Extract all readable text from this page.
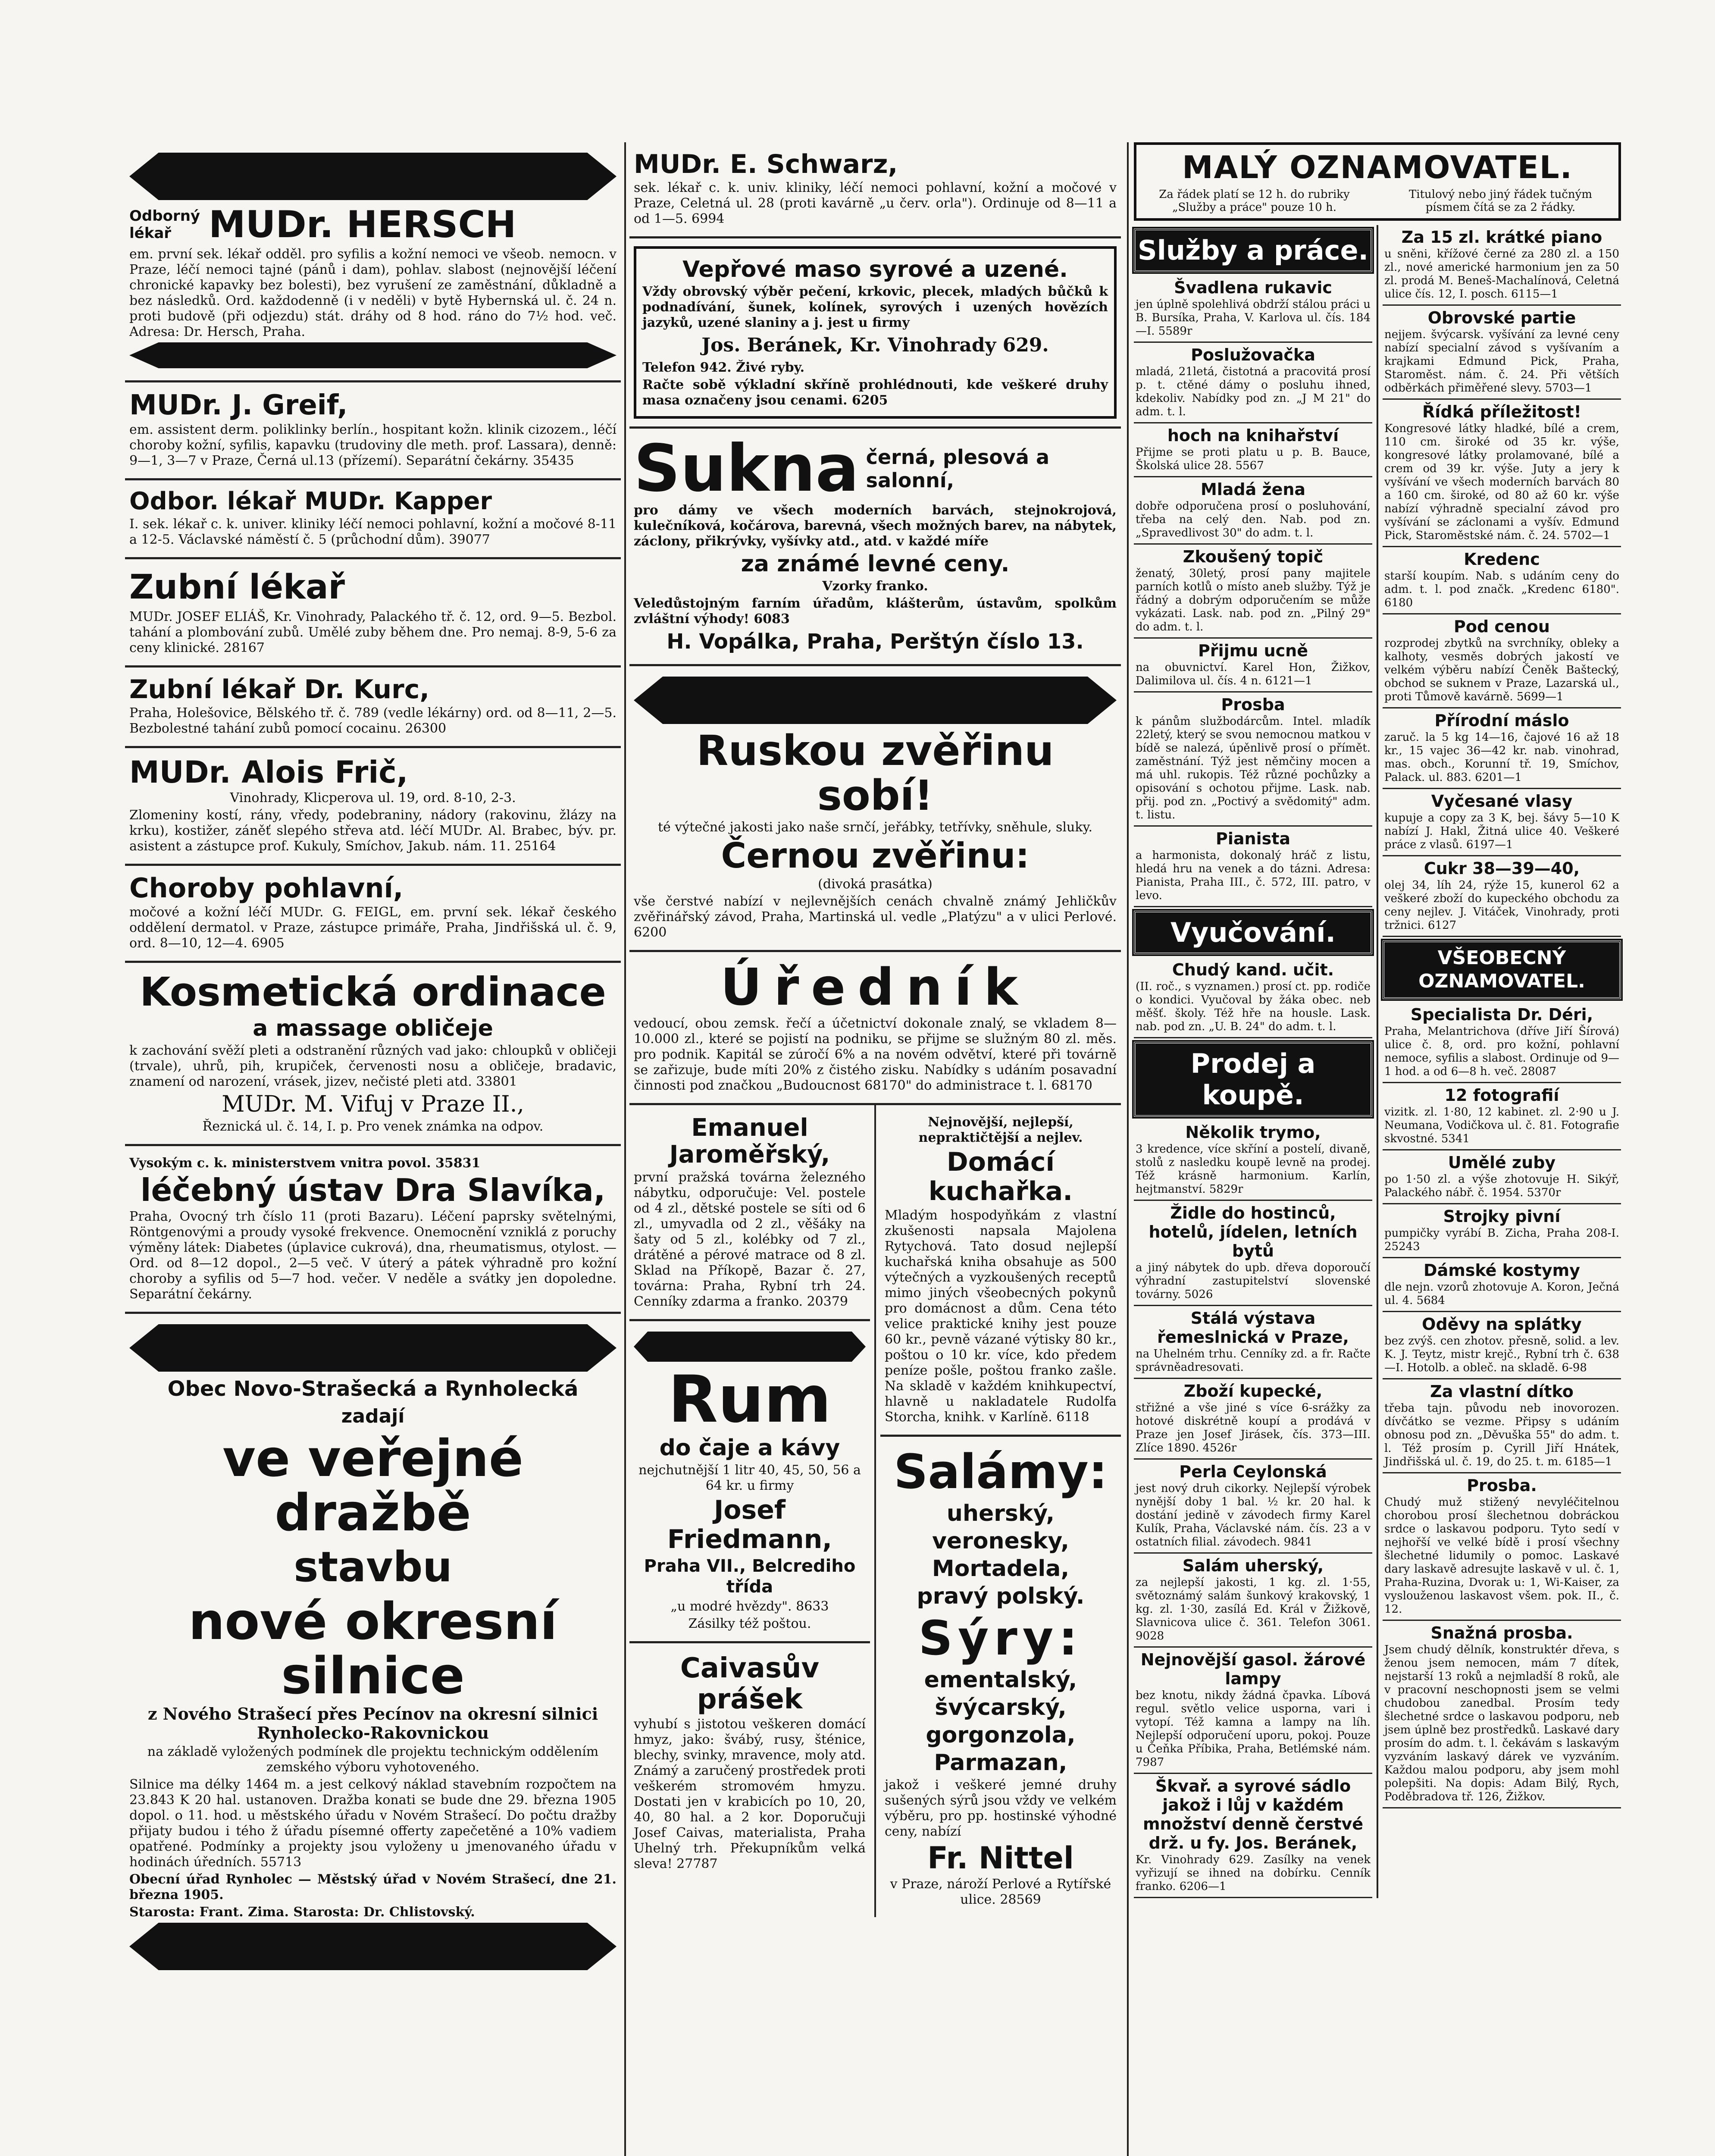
Odborný lékař	MUDr. HERSCH

em. první sek. lékař odděl. pro syfilis a kožní nemoci ve všeob. nemocn. v Praze, léčí nemoci tajné (pánů i dam), pohlav. slabost (nejnovější léčení chronické kapavky bez bolesti), bez vyrušení ze zaměstnání, důkladně a bez následků. Ord. každodenně (i v neděli) v bytě Hybernská ul. č. 24 n. proti budově (při odjezdu) stát. dráhy od 8 hod. ráno do 7½ hod. več. Adresa: Dr. Hersch, Praha.

MUDr. J. Greif,

em. assistent derm. poliklinky berlín., hospitant kožn. klinik cizozem., léčí choroby kožní, syfilis, kapavku (trudoviny dle meth. prof. Lassara), denně: 9—1, 3—7 v Praze, Černá ul.13 (přízemí). Separátní čekárny. 35435

Odbor. lékař MUDr. Kapper

I. sek. lékař c. k. univer. kliniky léčí nemoci pohlavní, kožní a močové 8-11 a 12-5. Václavské náměstí č. 5 (průchodní dům). 39077

Zubní lékař

MUDr. JOSEF ELIÁŠ, Kr. Vinohrady, Palackého tř. č. 12, ord. 9—5. Bezbol. tahání a plombování zubů. Umělé zuby během dne. Pro nemaj. 8-9, 5-6 za ceny klinické. 28167

Zubní lékař Dr. Kurc,

Praha, Holešovice, Bělského tř. č. 789 (vedle lékárny) ord. od 8—11, 2—5. Bezbolestné tahání zubů pomocí cocainu. 26300

MUDr. Alois Frič,

Vinohrady, Klicperova ul. 19, ord. 8-10, 2-3.

Zlomeniny kostí, rány, vředy, podebraniny, nádory (rakovinu, žlázy na krku), kostižer, záněť slepého střeva atd. léčí MUDr. Al. Brabec, býv. pr. asistent a zástupce prof. Kukuly, Smíchov, Jakub. nám. 11. 25164

Choroby pohlavní,

močové a kožní léčí MUDr. G. FEIGL, em. první sek. lékař českého oddělení dermatol. v Praze, zástupce primáře, Praha, Jindřišská ul. č. 9, ord. 8—10, 12—4. 6905

Kosmetická ordinace
a massage obličeje

k zachování svěží pleti a odstranění různých vad jako: chloupků v obličeji (trvale), uhrů, pih, krupiček, červenosti nosu a obličeje, bradavic, znamení od narození, vrásek, jizev, nečisté pleti atd. 33801

MUDr. M. Vifuj v Praze II.,

Řeznická ul. č. 14, I. p. Pro venek známka na odpov.

Vysokým c. k. ministerstvem vnitra povol. 35831

léčebný ústav Dra Slavíka,

Praha, Ovocný trh číslo 11 (proti Bazaru). Léčení paprsky světelnými, Röntgenovými a proudy vysoké frekvence. Onemocnění vzniklá z poruchy výměny látek: Diabetes (úplavice cukrová), dna, rheumatismus, otylost. — Ord. od 8—12 dopol., 2—5 več. V úterý a pátek výhradně pro kožní choroby a syfilis od 5—7 hod. večer. V neděle a svátky jen dopoledne. Separátní čekárny.

Obec Novo-Strašecká a Rynholecká
zadají
ve veřejné dražbě
stavbu
nové okresní silnice

z Nového Strašecí přes Pecínov na okresní silnici Rynholecko-Rakovnickou

na základě vyložených podmínek dle projektu technickým oddělením zemského výboru vyhotoveného.

Silnice ma délky 1464 m. a jest celkový náklad stavebním rozpočtem na 23.843 K 20 hal. ustanoven. Dražba konati se bude dne 29. března 1905 dopol. o 11. hod. u městského úřadu v Novém Strašecí. Do počtu dražby přijaty budou i tého ž úřadu písemné offerty zapečetěné a 10% vadiem opatřené. Podmínky a projekty jsou vyloženy u jmenovaného úřadu v hodinách úředních. 55713

Obecní úřad Rynholec — Městský úřad v Novém Strašecí, dne 21. března 1905.

Starosta: Frant. Zima. Starosta: Dr. Chlistovský.

MUDr. E. Schwarz,

sek. lékař c. k. univ. kliniky, léčí nemoci pohlavní, kožní a močové v Praze, Celetná ul. 28 (proti kavárně „u červ. orla"). Ordinuje od 8—11 a od 1—5. 6994

Vepřové maso syrové a uzené.

Vždy obrovský výběr pečení, krkovic, plecek, mladých bůčků k podnadívání, šunek, kolínek, syrových i uzených hovězích jazyků, uzené slaniny a j. jest u firmy

Jos. Beránek, Kr. Vinohrady 629.

Telefon 942. Živé ryby.

Račte sobě výkladní skříně prohlédnouti, kde veškeré druhy masa označeny jsou cenami. 6205

Sukna černá, plesová a salonní,

pro dámy ve všech moderních barvách, stejnokrojová, kulečníková, kočárova, barevná, všech možných barev, na nábytek, záclony, přikrývky, vyšívky atd., atd. v každé míře

za známé levné ceny.

Vzorky franko.

Veledůstojným farním úřadům, klášterům, ústavům, spolkům zvláštní výhody! 6083

H. Vopálka, Praha, Perštýn číslo 13.
Ruskou zvěřinu sobí!

té výtečné jakosti jako naše srnčí, jeřábky, tetřívky, sněhule, sluky.

Černou zvěřinu:

(divoká prasátka)

vše čerstvé nabízí v nejlevnějších cenách chvalně známý Jehličkův zvěřinářský závod, Praha, Martinská ul. vedle „Platýzu" a v ulici Perlové. 6200

Úředník

vedoucí, obou zemsk. řečí a účetnictví dokonale znalý, se vkladem 8—10.000 zl., které se pojistí na podniku, se přijme se služným 80 zl. měs. pro podnik. Kapitál se zúročí 6% a na novém odvětví, které při továrně se zařizuje, bude míti 20% z čistého zisku. Nabídky s udáním posavadní činnosti pod značkou „Budoucnost 68170" do administrace t. l. 68170

Emanuel Jaroměřský,

první pražská továrna železného nábytku, odporučuje: Vel. postele od 4 zl., dětské postele se síti od 6 zl., umyvadla od 2 zl., věšáky na šaty od 5 zl., kolébky od 7 zl., drátěné a pérové matrace od 8 zl. Sklad na Příkopě, Bazar č. 27, továrna: Praha, Rybní trh 24. Cenníky zdarma a franko. 20379

Rum
do čaje a kávy

nejchutnější 1 litr 40, 45, 50, 56 a 64 kr. u firmy

Josef Friedmann,
Praha VII., Belcrediho třída

„u modré hvězdy". 8633

Zásilky též poštou.

Caivasův prášek

vyhubí s jistotou veškeren domácí hmyz, jako: švábý, rusy, šténice, blechy, svinky, mravence, moly atd. Známý a zaručený prostředek proti veškerém stromovém hmyzu. Dostati jen v krabicích po 10, 20, 40, 80 hal. a 2 kor. Doporučuji Josef Caivas, materialista, Praha Uhelný trh. Překupníkům velká sleva! 27787

Nejnovější, nejlepší, nepraktičtější a nejlev.

Domácí kuchařka.

Mladým hospodyňkám z vlastní zkušenosti napsala Majolena Rytychová. Tato dosud nejlepší kuchařská kniha obsahuje as 500 výtečných a vyzkoušených receptů mimo jiných všeobecných pokynů pro domácnost a dům. Cena této velice praktické knihy jest pouze 60 kr., pevně vázané výtisky 80 kr., poštou o 10 kr. více, kdo předem peníze pošle, poštou franko zašle. Na skladě v každém knihkupectví, hlavně u nakladatele Rudolfa Storcha, knihk. v Karlíně. 6118

Salámy:
uherský,
veronesky,
Mortadela,
pravý polský.
Sýry:
ementalský,
švýcarský,
gorgonzola,
Parmazan,

jakož i veškeré jemné druhy sušených sýrů jsou vždy ve velkém výběru, pro pp. hostinské výhodné ceny, nabízí

Fr. Nittel

v Praze, nároží Perlové a Rytířské ulice. 28569

MALÝ OZNAMOVATEL.
Za řádek platí se 12 h. do rubriky „Služby a práce" pouze 10 h.
Titulový nebo jiný řádek tučným písmem čítá se za 2 řádky.
Služby a práce.
Švadlena rukavic

jen úplně spolehlivá obdrží stálou práci u B. Bursíka, Praha, V. Karlova ul. čís. 184—I. 5589r

Poslužovačka

mladá, 21letá, čistotná a pracovitá prosí p. t. ctěné dámy o posluhu ihned, kdekoliv. Nabídky pod zn. „J M 21" do adm. t. l.

hoch na knihařství

Přijme se proti platu u p. B. Bauce, Školská ulice 28. 5567

Mladá žena

dobře odporučena prosí o posluhování, třeba na celý den. Nab. pod zn. „Spravedlivost 30" do adm. t. l.

Zkoušený topič

ženatý, 30letý, prosí pany majitele parních kotlů o místo aneb služby. Týž je řádný a dobrým odporučením se může vykázati. Lask. nab. pod zn. „Pilný 29" do adm. t. l.

Přijmu ucně

na obuvnictví. Karel Hon, Žižkov, Dalimilova ul. čís. 4 n. 6121—1

Prosba

k pánům službodárcům. Intel. mladík 22letý, který se svou nemocnou matkou v bídě se nalezá, úpěnlivě prosí o přímět. zaměstnání. Týž jest němčiny mocen a má uhl. rukopis. Též různé pochůzky a opisování s ochotou přijme. Lask. nab. přij. pod zn. „Poctivý a svědomitý" adm. t. listu.

Pianista

a harmonista, dokonalý hráč z listu, hledá hru na venek a do tázni. Adresa: Pianista, Praha III., č. 572, III. patro, v levo.

Vyučování.
Chudý kand. učit.

(II. roč., s vyznamen.) prosí ct. pp. rodiče o kondici. Vyučoval by žáka obec. neb měšť. školy. Též hře na housle. Lask. nab. pod zn. „U. B. 24" do adm. t. l.

Prodej a koupě.
Několik trymo,

3 kredence, více skříní a postelí, divaně, stolů z nasledku koupě levně na prodej. Též krásně harmonium. Karlín, hejtmanství. 5829r

Židle do hostinců, hotelů, jídelen, letních bytů

a jiný nábytek do upb. dřeva doporoučí výhradní zastupitelství slovenské továrny. 5026

Stálá výstava řemeslnická v Praze,

na Uhelném trhu. Cenníky zd. a fr. Račte správněadresovati.

Zboží kupecké,

střižné a vše jiné s více 6-srážky za hotové diskrétně koupí a prodává v Praze jen Josef Jirásek, čís. 373—III. Zlíce 1890. 4526r

Perla Ceylonská

jest nový druh cikorky. Nejlepší výrobek nynější doby 1 bal. ½ kr. 20 hal. k dostání jedině v závodech firmy Karel Kulík, Praha, Václavské nám. čís. 23 a v ostatních filial. závodech. 9841

Salám uherský,

za nejlepší jakosti, 1 kg. zl. 1·55, světoznámý salám šunkový krakovský, 1 kg. zl. 1·30, zasílá Ed. Král v Žižkově, Slavnicova ulice č. 361. Telefon 3061. 9028

Nejnovější gasol. žárové lampy

bez knotu, nikdy žádná čpavka. Líbová regul. světlo velice usporna, vari i vytopí. Též kamna a lampy na líh. Nejlepší odporučení uporu, pokoj. Pouze u Čeňka Příbika, Praha, Betlémské nám. 7987

Škvař. a syrové sádlo jakož i lůj v každém množství denně čerstvé drž. u fy. Jos. Beránek,

Kr. Vinohrady 629. Zasílky na venek vyřizují se ihned na dobírku. Cenník franko. 6206—1

Za 15 zl. krátké piano

u sněni, křížové černé za 280 zl. a 150 zl., nové americké harmonium jen za 50 zl. prodá M. Beneš-Machalínová, Celetná ulice čís. 12, I. posch. 6115—1

Obrovské partie

nejjem. švýcarsk. vyšívání za levné ceny nabízí specialní závod s vyšívaním a krajkami Edmund Pick, Praha, Staroměst. nám. č. 24. Při větších odběrkách přiměřené slevy. 5703—1

Řídká příležitost!

Kongresové látky hladké, bílé a crem, 110 cm. široké od 35 kr. výše, kongresové látky prolamované, bílé a crem od 39 kr. výše. Juty a jery k vyšívání ve všech moderních barvách 80 a 160 cm. široké, od 80 až 60 kr. výše nabízí výhradně specialní závod pro vyšívání se záclonami a vyšív. Edmund Pick, Staroměstské nám. č. 24. 5702—1

Kredenc

starší koupím. Nab. s udáním ceny do adm. t. l. pod značk. „Kredenc 6180". 6180

Pod cenou

rozprodej zbytků na svrchníky, obleky a kalhoty, vesměs dobrých jakostí ve velkém výběru nabízí Čeněk Baštecký, obchod se suknem v Praze, Lazarská ul., proti Tůmově kavárně. 5699—1

Přírodní máslo

zaruč. la 5 kg 14—16, čajové 16 až 18 kr., 15 vajec 36—42 kr. nab. vinohrad, mas. obch., Korunní tř. 19, Smíchov, Palack. ul. 883. 6201—1

Vyčesané vlasy

kupuje a copy za 3 K, bej. šávy 5—10 K nabízí J. Hakl, Žitná ulice 40. Veškeré práce z vlasů. 6197—1

Cukr 38—39—40,

olej 34, líh 24, rýže 15, kunerol 62 a veškeré zboží do kupeckého obchodu za ceny nejlev. J. Vitáček, Vinohrady, proti tržnici. 6127

VŠEOBECNÝ OZNAMOVATEL.
Specialista Dr. Déri,

Praha, Melantrichova (dříve Jiří Šírová) ulice č. 8, ord. pro kožní, pohlavní nemoce, syfilis a slabost. Ordinuje od 9—1 hod. a od 6—8 h. več. 28087

12 fotografií

vizitk. zl. 1·80, 12 kabinet. zl. 2·90 u J. Neumana, Vodičkova ul. č. 81. Fotografie skvostné. 5341

Umělé zuby

po 1·50 zl. a výše zhotovuje H. Sikýř, Palackého nábř. č. 1954. 5370r

Strojky pivní

pumpičky vyrábí B. Zicha, Praha 208-I. 25243

Dámské kostymy

dle nejn. vzorů zhotovuje A. Koron, Ječná ul. 4. 5684

Oděvy na splátky

bez zvýš. cen zhotov. přesně, solid. a lev. K. J. Teytz, mistr krejč., Rybní trh č. 638—I. Hotolb. a obleč. na skladě. 6-98

Za vlastní dítko

třeba tajn. původu neb inovorozen. dívčátko se vezme. Připsy s udáním obnosu pod zn. „Děvuška 55" do adm. t. l. Též prosím p. Cyrill Jiří Hnátek, Jindřišská ul. č. 19, do 25. t. m. 6185—1

Prosba.

Chudý muž stižený nevyléčitelnou chorobou prosí šlechetnou dobráckou srdce o laskavou podporu. Tyto sedí v nejhořší ve velké bídě i prosí všechny šlechetné lidumily o pomoc. Laskavé dary laskavě adresujte laskavě v ul. č. 1, Praha-Ruzina, Dvorak u: 1, Wi-Kaiser, za vyslouženou laskavost všem. pok. II., č. 12.

Snažná prosba.

Jsem chudý dělník, konstruktér dřeva, s ženou jsem nemocen, mám 7 dítek, nejstarší 13 roků a nejmladší 8 roků, ale v pracovní neschopnosti jsem se velmi chudobou zanedbal. Prosím tedy šlechetné srdce o laskavou podporu, neb jsem úplně bez prostředků. Laskavé dary prosím do adm. t. l. čekávám s laskavým vyzváním laskavý dárek ve vyzváním. Každou malou podporu, aby jsem mohl polepšiti. Na dopis: Adam Bilý, Rych, Poděbradova tř. 126, Žižkov.
